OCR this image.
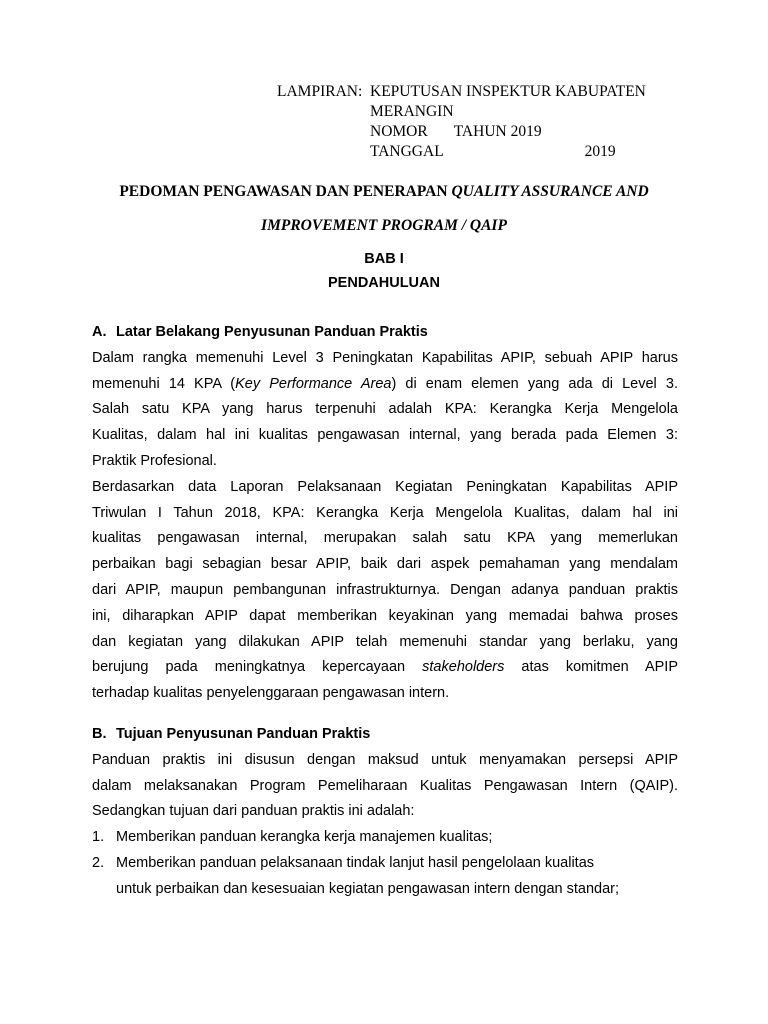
LAMPIRAN: KEPUTUSAN INSPEKTUR KABUPATEN
MERANGIN
NOMOR TAHUN 2019
TANGGAL	2019
PEDOMAN PENGAWASAN DAN PENERAPAN QUALITY ASSURANCE AND
IMPROVEMENT PROGRAM / QAIP
BAB I
PENDAHULUAN
A. Latar Belakang Penyusunan Panduan Praktis
Dalam rangka memenuhi Level 3 Peningkatan Kapabilitas APIP, sebuah APIP harus
memenuhi 14 KPA (Key Performance Area) di enam elemen yang ada di Level 3.
Salah satu KPA yang harus terpenuhi adalah KPA: Kerangka Kerja Mengelola
Kualitas, dalam hal ini kualitas pengawasan internal, yang berada pada Elemen 3:
Praktik Profesional.
Berdasarkan data Laporan Pelaksanaan Kegiatan Peningkatan Kapabilitas APIP
Triwulan I Tahun 2018, KPA: Kerangka Kerja Mengelola Kualitas, dalam hal ini
kualitas pengawasan internal, merupakan salah satu KPA yang memerlukan
perbaikan bagi sebagian besar APIP, baik dari aspek pemahaman yang mendalam
dari APIP, maupun pembangunan infrastrukturnya. Dengan adanya panduan praktis
ini, diharapkan APIP dapat memberikan keyakinan yang memadai bahwa proses
dan kegiatan yang dilakukan APIP telah memenuhi standar yang berlaku, yang
berujung pada meningkatnya kepercayaan stakeholders atas komitmen APIP
terhadap kualitas penyelenggaraan pengawasan intern.
B. Tujuan Penyusunan Panduan Praktis
Panduan praktis ini disusun dengan maksud untuk menyamakan persepsi APIP
dalam melaksanakan Program Pemeliharaan Kualitas Pengawasan Intern (QAIP).
Sedangkan tujuan dari panduan praktis ini adalah:
1. Memberikan panduan kerangka kerja manajemen kualitas;
2. Memberikan panduan pelaksanaan tindak lanjut hasil pengelolaan kualitas
untuk perbaikan dan kesesuaian kegiatan pengawasan intern dengan standar;
